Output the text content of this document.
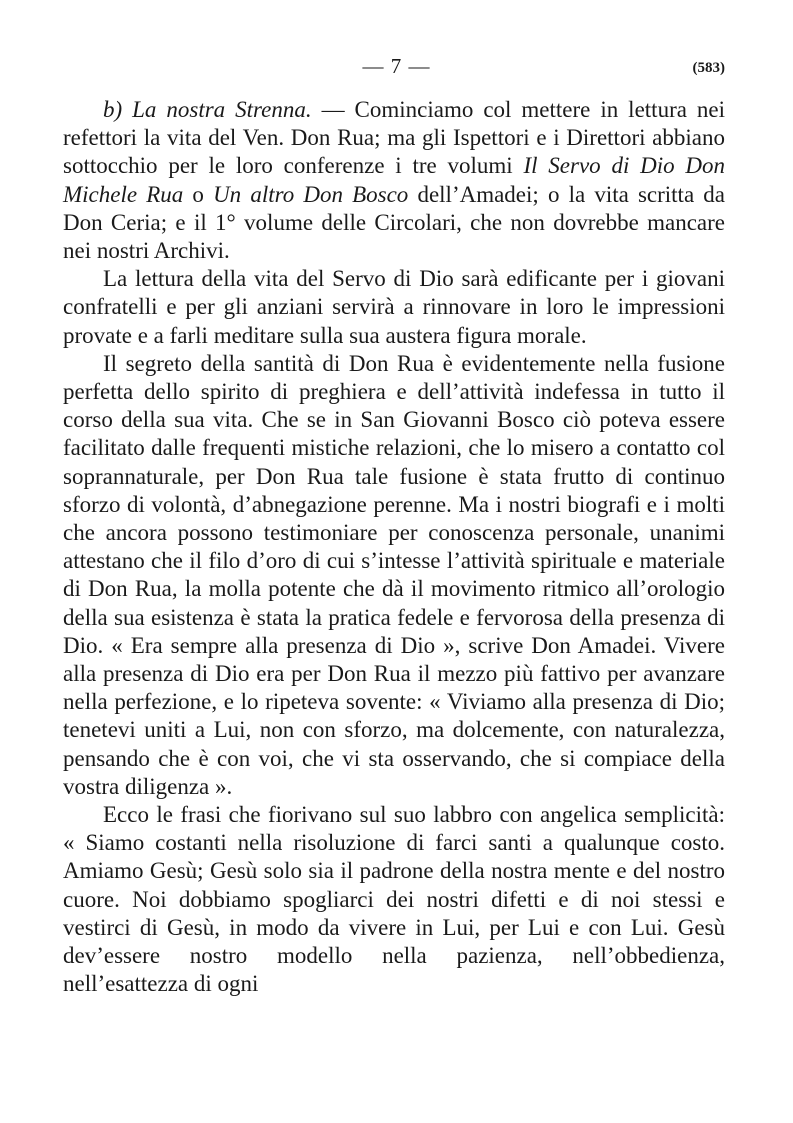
— 7 —	(583)

b) La nostra Strenna. — Cominciamo col mettere in lettura nei refettori la vita del Ven. Don Rua; ma gli Ispettori e i Direttori abbiano sottocchio per le loro conferenze i tre volumi Il Servo di Dio Don Michele Rua o Un altro Don Bosco dell’Amadei; o la vita scritta da Don Ceria; e il 1° volume delle Circolari, che non dovrebbe mancare nei nostri Archivi.

La lettura della vita del Servo di Dio sarà edificante per i giovani confratelli e per gli anziani servirà a rinnovare in loro le impressioni provate e a farli meditare sulla sua austera figura morale.

Il segreto della santità di Don Rua è evidentemente nella fusione perfetta dello spirito di preghiera e dell’attività indefessa in tutto il corso della sua vita. Che se in San Giovanni Bosco ciò poteva essere facilitato dalle frequenti mistiche relazioni, che lo misero a contatto col soprannaturale, per Don Rua tale fusione è stata frutto di continuo sforzo di volontà, d’abnegazione perenne. Ma i nostri biografi e i molti che ancora possono testimoniare per conoscenza personale, unanimi attestano che il filo d’oro di cui s’intesse l’attività spirituale e materiale di Don Rua, la molla potente che dà il movimento ritmico all’orologio della sua esistenza è stata la pratica fedele e fervorosa della presenza di Dio. « Era sempre alla presenza di Dio », scrive Don Amadei. Vivere alla presenza di Dio era per Don Rua il mezzo più fattivo per avanzare nella perfezione, e lo ripeteva sovente: « Viviamo alla presenza di Dio; tenetevi uniti a Lui, non con sforzo, ma dolcemente, con naturalezza, pensando che è con voi, che vi sta osservando, che si compiace della vostra diligenza ».

Ecco le frasi che fiorivano sul suo labbro con angelica semplicità: « Siamo costanti nella risoluzione di farci santi a qualunque costo. Amiamo Gesù; Gesù solo sia il padrone della nostra mente e del nostro cuore. Noi dobbiamo spogliarci dei nostri difetti e di noi stessi e vestirci di Gesù, in modo da vivere in Lui, per Lui e con Lui. Gesù dev’essere nostro modello nella pazienza, nell’obbedienza, nell’esattezza di ogni
